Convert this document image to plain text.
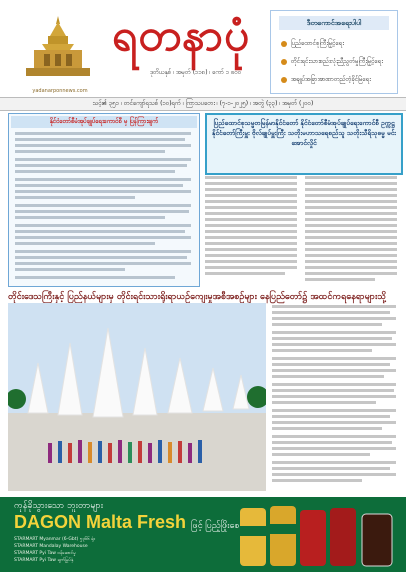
yadanarponnews.com
ရတနာပုံ
ဒုတိယနှစ် ၊ အမှတ် (၁၁၈) ၊ ကော် ၁ ၈၀၀
ဒီတကောင်အရေးပါပါ
ပြည်ထောင်စုကြီးမြှင့်ရေး
တိုင်းရင်းသားစည်းလုံးညီညွတ်မှုကြီးမြှင့်ရေး
အချုပ်အခြာအာဏာတည်တံ့ခိုင်မြဲရေး
သင့်၏ ၃၅၁ ၊ တင်ကျော်ရသစ် (၁၀)ရက် ၊ ကြာသပတေး ၊ (၇-၁-၂၀၂၅) ၊ အတွဲ (၃၃) ၊ အမှတ် (၂၀၀)
နိုင်ငံတော်စီမံအုပ်ချုပ်ရေးကောင်စီ မှ ပြန်ကြားချက်	ပြည်ထောင်စုသမ္မတမြန်မာနိုင်ငံတော် နိုင်ငံတော်စီမံအုပ်ချုပ်ရေးကောင်စီ ဥက္ကဋ္ဌ နိုင်ငံတော်ကြီးမှူး ဗိုလ်ချုပ်မှူးကြီး သတိုးမဟာသရေစည်သူ သတိုးသီရိသုဓမ္မ မင်းအောင်လှိုင်
တိုင်းဒေသကြီးနှင့် ပြည်နယ်များမှ တိုင်းရင်းသားရိုးရာယဉ်ကျေးမှုအစီအစဉ်များ နေပြည်တော်၌ အထင်ကရနေရာများသို့
ကုန်ခိုသွားသော ဘူးတာများ
DAGON Malta Fresh ဖြင့် ပြည့်ဖြိုးစေ
STARMART Myanmar (6-Gbt) ၅၃၆၆ ရုံး
STARMART Mandalay Warehouse
STARMART Pyi Taw ဝန်ဆောင်မှု
STARMART Pyi Taw ချက်မြုပ်နှံ
